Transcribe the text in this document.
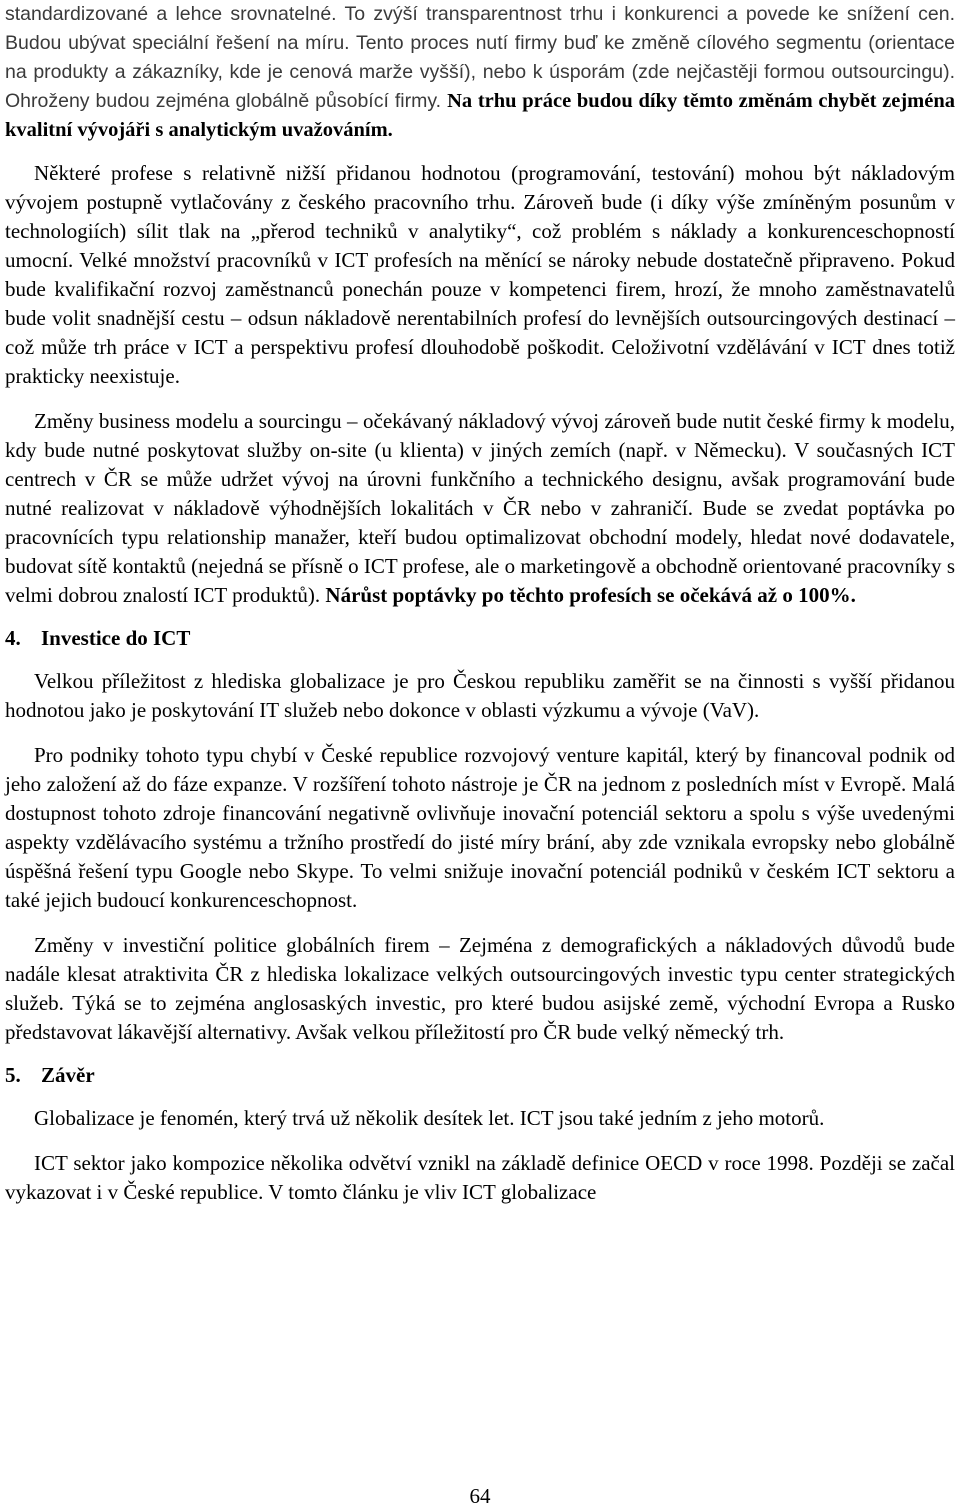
standardizované a lehce srovnatelné. To zvýší transparentnost trhu i konkurenci a povede ke snížení cen. Budou ubývat speciální řešení na míru. Tento proces nutí firmy buď ke změně cílového segmentu (orientace na produkty a zákazníky, kde je cenová marže vyšší), nebo k úsporám (zde nejčastěji formou outsourcingu). Ohroženy budou zejména globálně působící firmy. Na trhu práce budou díky těmto změnám chybět zejména kvalitní vývojáři s analytickým uvažováním.

Některé profese s relativně nižší přidanou hodnotou (programování, testování) mohou být nákladovým vývojem postupně vytlačovány z českého pracovního trhu. Zároveň bude (i díky výše zmíněným posunům v technologiích) sílit tlak na „přerod techniků v analytiky“, což problém s náklady a konkurenceschopností umocní. Velké množství pracovníků v ICT profesích na měnící se nároky nebude dostatečně připraveno. Pokud bude kvalifikační rozvoj zaměstnanců ponechán pouze v kompetenci firem, hrozí, že mnoho zaměstnavatelů bude volit snadnější cestu – odsun nákladově nerentabilních profesí do levnějších outsourcingových destinací – což může trh práce v ICT a perspektivu profesí dlouhodobě poškodit. Celoživotní vzdělávání v ICT dnes totiž prakticky neexistuje.

Změny business modelu a sourcingu – očekávaný nákladový vývoj zároveň bude nutit české firmy k modelu, kdy bude nutné poskytovat služby on-site (u klienta) v jiných zemích (např. v Německu). V současných ICT centrech v ČR se může udržet vývoj na úrovni funkčního a technického designu, avšak programování bude nutné realizovat v nákladově výhodnějších lokalitách v ČR nebo v zahraničí. Bude se zvedat poptávka po pracovnících typu relationship manažer, kteří budou optimalizovat obchodní modely, hledat nové dodavatele, budovat sítě kontaktů (nejedná se přísně o ICT profese, ale o marketingově a obchodně orientované pracovníky s velmi dobrou znalostí ICT produktů). Nárůst poptávky po těchto profesích se očekává až o 100%.

4. Investice do ICT

Velkou příležitost z hlediska globalizace je pro Českou republiku zaměřit se na činnosti s vyšší přidanou hodnotou jako je poskytování IT služeb nebo dokonce v oblasti výzkumu a vývoje (VaV).

Pro podniky tohoto typu chybí v České republice rozvojový venture kapitál, který by financoval podnik od jeho založení až do fáze expanze. V rozšíření tohoto nástroje je ČR na jednom z posledních míst v Evropě. Malá dostupnost tohoto zdroje financování negativně ovlivňuje inovační potenciál sektoru a spolu s výše uvedenými aspekty vzdělávacího systému a tržního prostředí do jisté míry brání, aby zde vznikala evropsky nebo globálně úspěšná řešení typu Google nebo Skype. To velmi snižuje inovační potenciál podniků v českém ICT sektoru a také jejich budoucí konkurenceschopnost.

Změny v investiční politice globálních firem – Zejména z demografických a nákladových důvodů bude nadále klesat atraktivita ČR z hlediska lokalizace velkých outsourcingových investic typu center strategických služeb. Týká se to zejména anglosaských investic, pro které budou asijské země, východní Evropa a Rusko představovat lákavější alternativy. Avšak velkou příležitostí pro ČR bude velký německý trh.

5. Závěr

Globalizace je fenomén, který trvá už několik desítek let. ICT jsou také jedním z jeho motorů.

ICT sektor jako kompozice několika odvětví vznikl na základě definice OECD v roce 1998. Později se začal vykazovat i v České republice. V tomto článku je vliv ICT globalizace

64
